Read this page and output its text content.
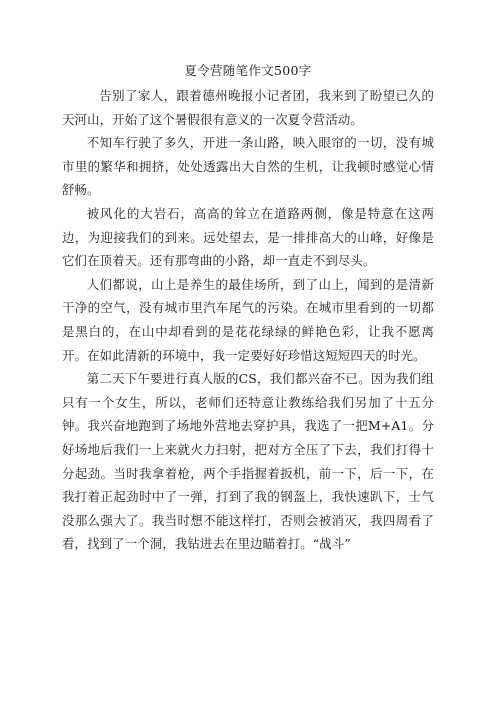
夏令营随笔作文500字

告别了家人，跟着德州晚报小记者团，我来到了盼望已久的天河山，开始了这个暑假很有意义的一次夏令营活动。

不知车行驶了多久，开进一条山路，映入眼帘的一切，没有城市里的繁华和拥挤，处处透露出大自然的生机，让我顿时感觉心情舒畅。

被风化的大岩石，高高的耸立在道路两侧，像是特意在这两边，为迎接我们的到来。远处望去，是一排排高大的山峰，好像是它们在顶着天。还有那弯曲的小路，却一直走不到尽头。

人们都说，山上是养生的最佳场所，到了山上，闻到的是清新干净的空气，没有城市里汽车尾气的污染。在城市里看到的一切都是黑白的，在山中却看到的是花花绿绿的鲜艳色彩，让我不愿离开。在如此清新的环境中，我一定要好好珍惜这短短四天的时光。

第二天下午要进行真人版的CS，我们都兴奋不已。因为我们组只有一个女生，所以，老师们还特意让教练给我们另加了十五分钟。我兴奋地跑到了场地外营地去穿护具，我选了一把M+A1。分好场地后我们一上来就火力扫射，把对方全压了下去，我们打得十分起劲。当时我拿着枪，两个手指握着扳机，前一下，后一下，在我打着正起劲时中了一弹，打到了我的钢盔上，我快速趴下，士气没那么强大了。我当时想不能这样打，否则会被消灭，我四周看了看，找到了一个洞，我钻进去在里边瞄着打。“战斗”
